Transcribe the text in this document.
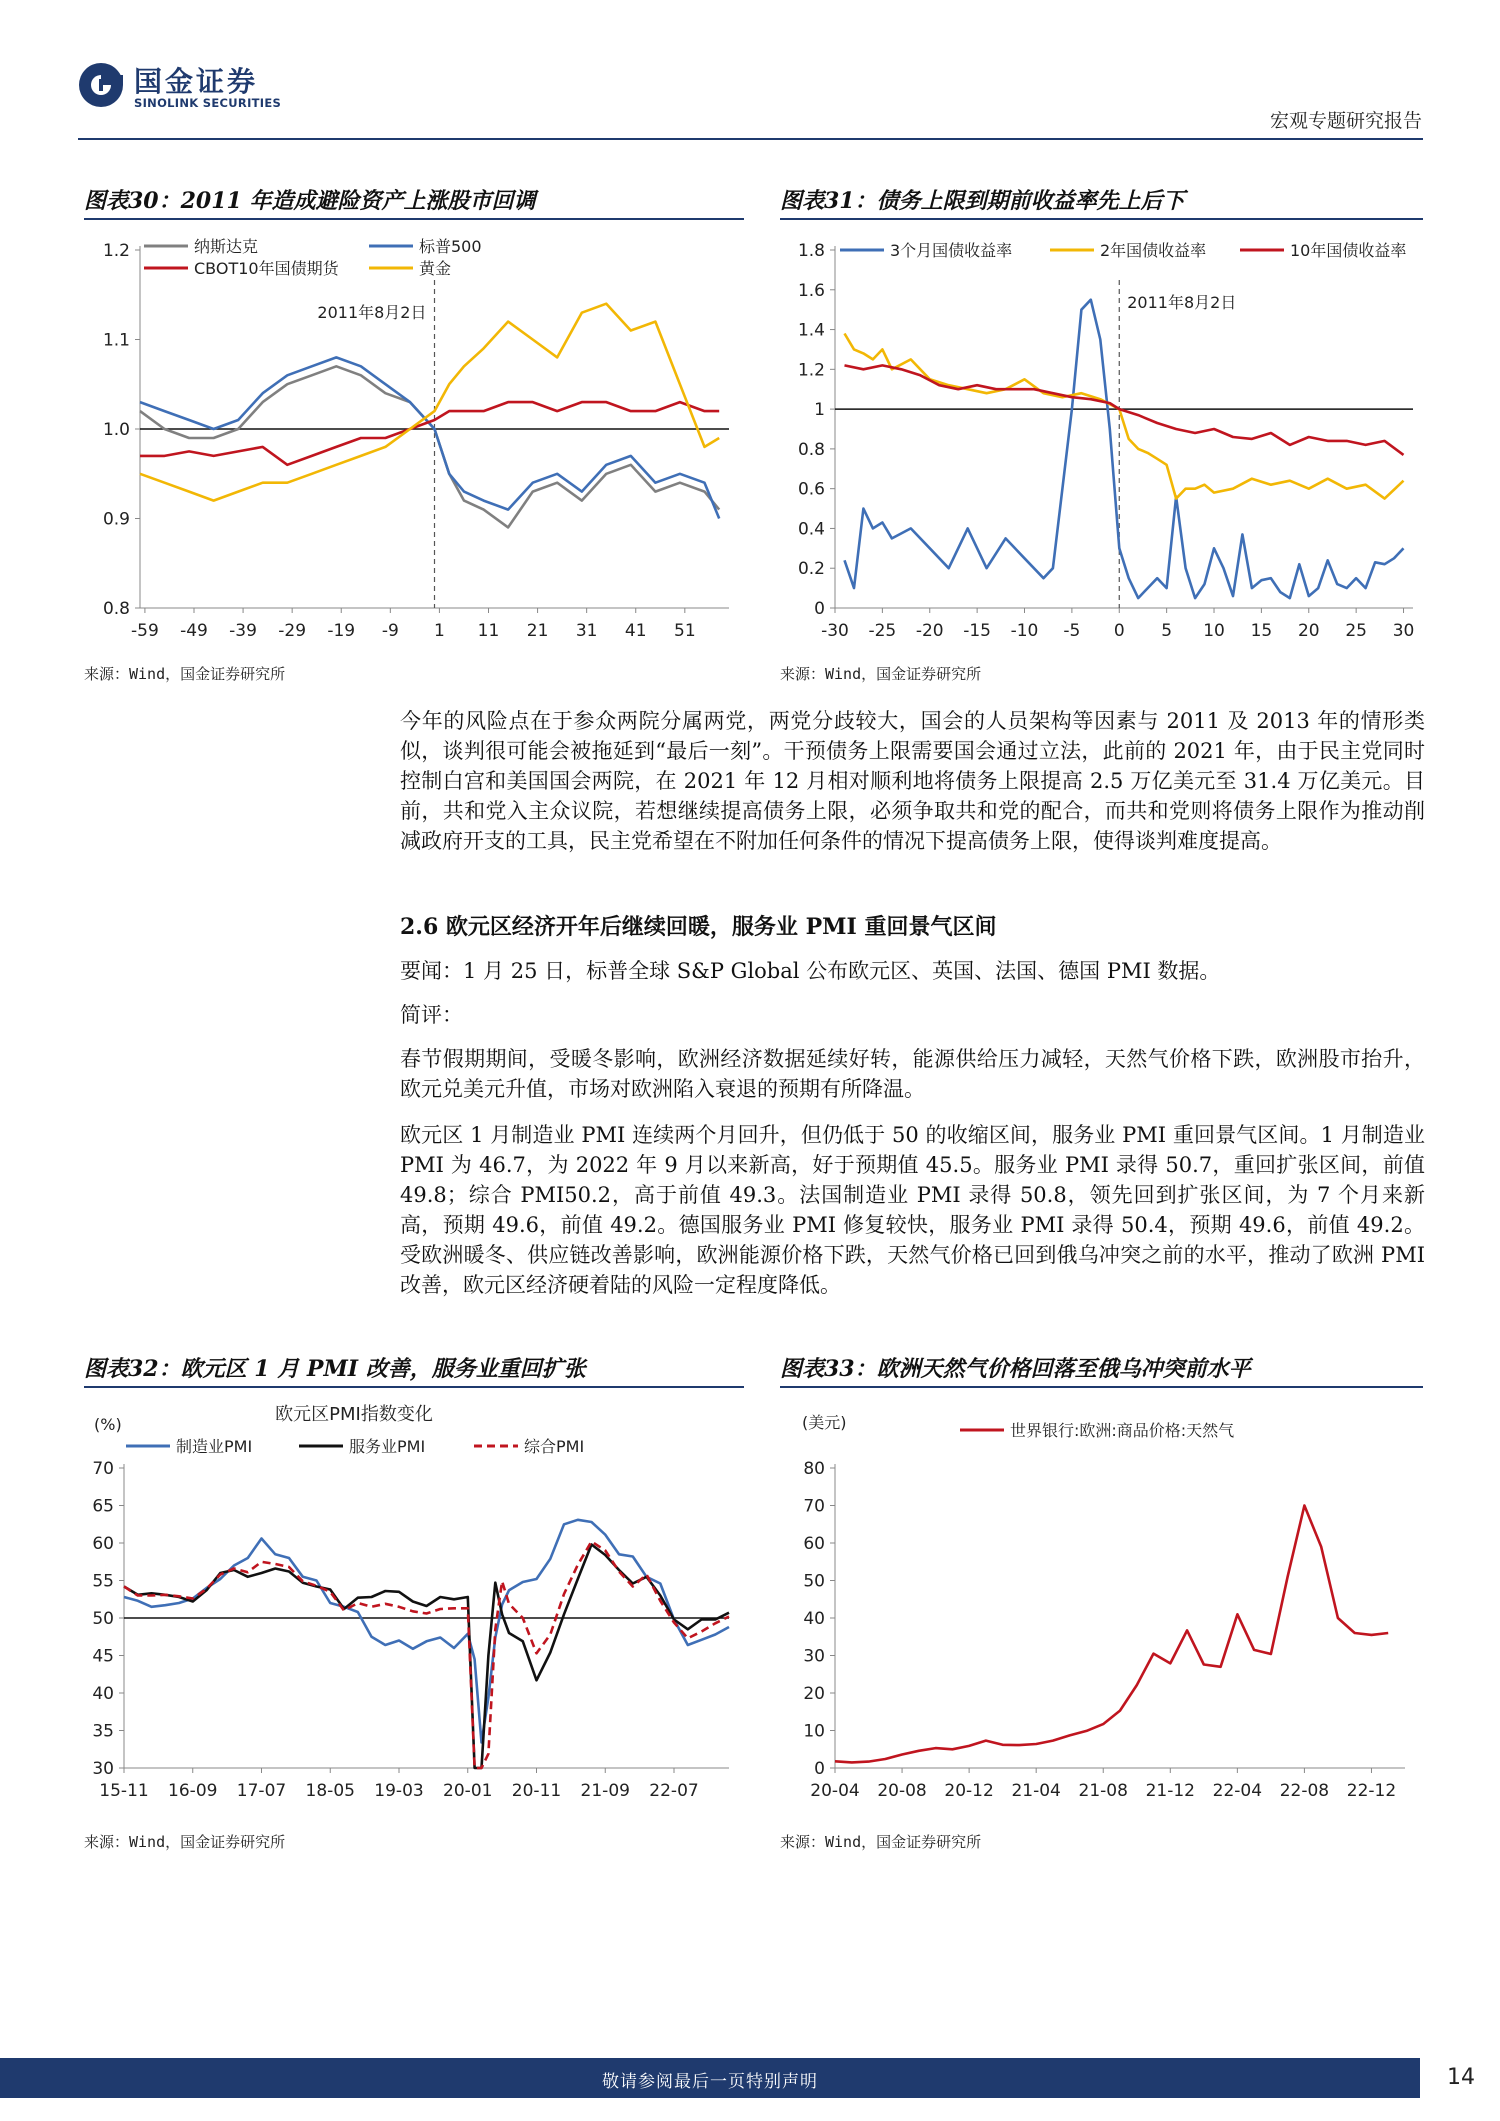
国金证券
SINOLINK SECURITIES
宏观专题研究报告
图表30：2011 年造成避险资产上涨股市回调
0.8
0.9
1.0
1.1
1.2
-59 -49 -39 -29 -19 -9 1 11 21 31 41 51
2011年8月2日
纳斯达克	标普500
CBOT10年国债期货	黄金
来源：Wind，国金证券研究所
图表31：债务上限到期前收益率先上后下
0
0.2
0.4
0.6
0.8
1
1.2
1.4
1.6
1.8
-30 -25 -20 -15 -10 -5 0 5 10 15 20 25 30
2011年8月2日
3个月国债收益率	2年国债收益率	10年国债收益率
来源：Wind，国金证券研究所
今年的风险点在于参众两院分属两党，两党分歧较大，国会的人员架构等因素与 2011 及 2013 年的情形类似，谈判很可能会被拖延到“最后一刻”。干预债务上限需要国会通过立法，此前的 2021 年，由于民主党同时控制白宫和美国国会两院，在 2021 年 12 月相对顺利地将债务上限提高 2.5 万亿美元至 31.4 万亿美元。目前，共和党入主众议院，若想继续提高债务上限，必须争取共和党的配合，而共和党则将债务上限作为推动削减政府开支的工具，民主党希望在不附加任何条件的情况下提高债务上限，使得谈判难度提高。
2.6 欧元区经济开年后继续回暖，服务业 PMI 重回景气区间
要闻：1 月 25 日，标普全球 S&P Global 公布欧元区、英国、法国、德国 PMI 数据。
简评：
春节假期期间，受暖冬影响，欧洲经济数据延续好转，能源供给压力减轻，天然气价格下跌，欧洲股市抬升，欧元兑美元升值，市场对欧洲陷入衰退的预期有所降温。
欧元区 1 月制造业 PMI 连续两个月回升，但仍低于 50 的收缩区间，服务业 PMI 重回景气区间。1 月制造业 PMI 为 46.7，为 2022 年 9 月以来新高，好于预期值 45.5。服务业 PMI 录得 50.7，重回扩张区间，前值 49.8；综合 PMI50.2，高于前值 49.3。法国制造业 PMI 录得 50.8，领先回到扩张区间，为 7 个月来新高，预期 49.6，前值 49.2。德国服务业 PMI 修复较快，服务业 PMI 录得 50.4，预期 49.6，前值 49.2。受欧洲暖冬、供应链改善影响，欧洲能源价格下跌，天然气价格已回到俄乌冲突之前的水平，推动了欧洲 PMI 改善，欧元区经济硬着陆的风险一定程度降低。
图表32：欧元区 1 月 PMI 改善，服务业重回扩张
30
35
40
45
50
55
60
65
70
15-11 16-09 17-07 18-05 19-03 20-01 20-11 21-09 22-07
欧元区PMI指数变化
(%)
制造业PMI	服务业PMI	综合PMI
来源：Wind，国金证券研究所
图表33：欧洲天然气价格回落至俄乌冲突前水平
0
10
20
30
40
50
60
70
80
20-04 20-08 20-12 21-04 21-08 21-12 22-04 22-08 22-12
(美元)	世界银行:欧洲:商品价格:天然气
来源：Wind，国金证券研究所
敬请参阅最后一页特别声明	14
